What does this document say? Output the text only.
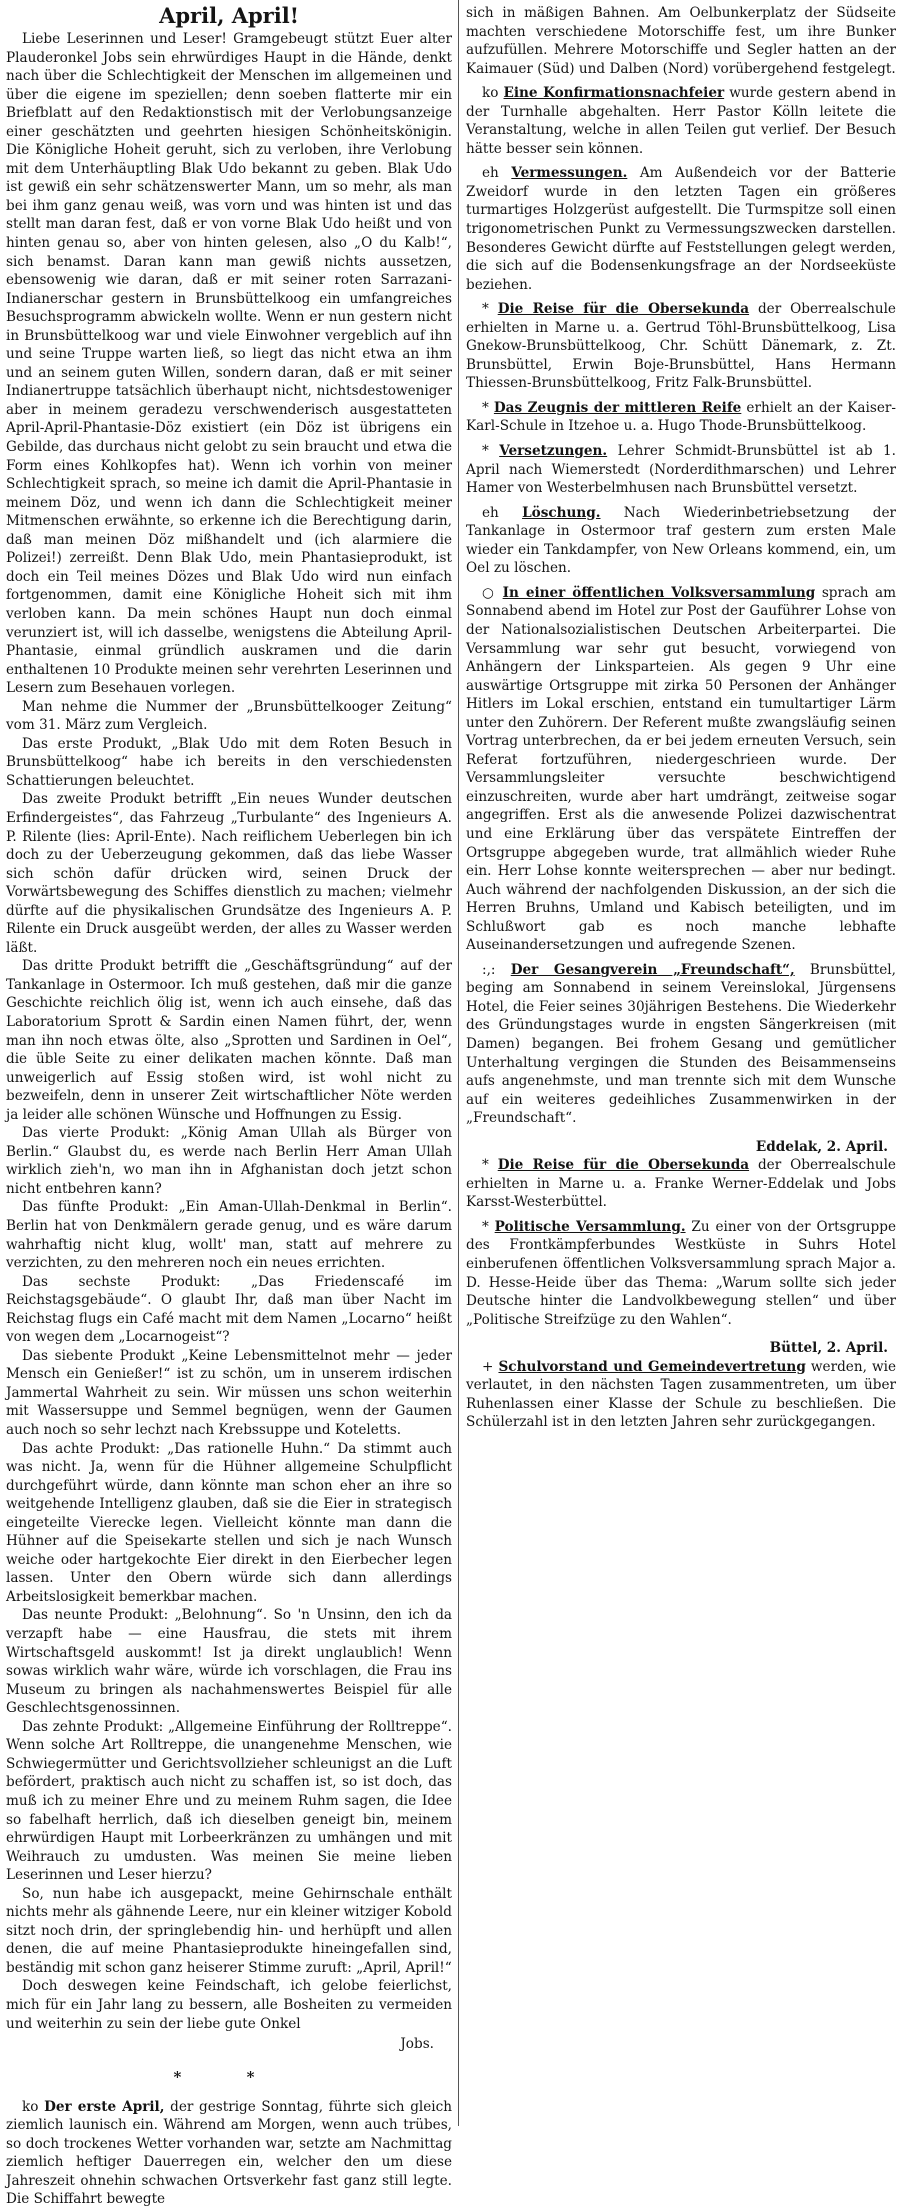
April, April!

Liebe Leserinnen und Leser! Gramgebeugt stützt Euer alter Plauderonkel Jobs sein ehrwürdiges Haupt in die Hände, denkt nach über die Schlechtigkeit der Menschen im allgemeinen und über die eigene im speziellen; denn soeben flatterte mir ein Briefblatt auf den Redaktionstisch mit der Verlobungsanzeige einer geschätzten und geehrten hiesigen Schönheitskönigin. Die Königliche Hoheit geruht, sich zu verloben, ihre Verlobung mit dem Unterhäuptling Blak Udo bekannt zu geben. Blak Udo ist gewiß ein sehr schätzenswerter Mann, um so mehr, als man bei ihm ganz genau weiß, was vorn und was hinten ist und das stellt man daran fest, daß er von vorne Blak Udo heißt und von hinten genau so, aber von hinten gelesen, also „O du Kalb!“, sich benamst. Daran kann man gewiß nichts aussetzen, ebensowenig wie daran, daß er mit seiner roten Sarrazani-Indianerschar gestern in Brunsbüttelkoog ein umfangreiches Besuchsprogramm abwickeln wollte. Wenn er nun gestern nicht in Brunsbüttelkoog war und viele Einwohner vergeblich auf ihn und seine Truppe warten ließ, so liegt das nicht etwa an ihm und an seinem guten Willen, sondern daran, daß er mit seiner Indianertruppe tatsächlich überhaupt nicht, nichtsdestoweniger aber in meinem geradezu verschwenderisch ausgestatteten April-April-Phantasie-Döz existiert (ein Döz ist übrigens ein Gebilde, das durchaus nicht gelobt zu sein braucht und etwa die Form eines Kohlkopfes hat). Wenn ich vorhin von meiner Schlechtigkeit sprach, so meine ich damit die April-Phantasie in meinem Döz, und wenn ich dann die Schlechtigkeit meiner Mitmenschen erwähnte, so erkenne ich die Berechtigung darin, daß man meinen Döz mißhandelt und (ich alarmiere die Polizei!) zerreißt. Denn Blak Udo, mein Phantasieprodukt, ist doch ein Teil meines Dözes und Blak Udo wird nun einfach fortgenommen, damit eine Königliche Hoheit sich mit ihm verloben kann. Da mein schönes Haupt nun doch einmal verunziert ist, will ich dasselbe, wenigstens die Abteilung April-Phantasie, einmal gründlich auskramen und die darin enthaltenen 10 Produkte meinen sehr verehrten Leserinnen und Lesern zum Besehauen vorlegen.

Man nehme die Nummer der „Brunsbüttelkooger Zeitung“ vom 31. März zum Vergleich.

Das erste Produkt, „Blak Udo mit dem Roten Besuch in Brunsbüttelkoog“ habe ich bereits in den verschiedensten Schattierungen beleuchtet.

Das zweite Produkt betrifft „Ein neues Wunder deutschen Erfindergeistes“, das Fahrzeug „Turbulante“ des Ingenieurs A. P. Rilente (lies: April-Ente). Nach reiflichem Ueberlegen bin ich doch zu der Ueberzeugung gekommen, daß das liebe Wasser sich schön dafür drücken wird, seinen Druck der Vorwärtsbewegung des Schiffes dienstlich zu machen; vielmehr dürfte auf die physikalischen Grundsätze des Ingenieurs A. P. Rilente ein Druck ausgeübt werden, der alles zu Wasser werden läßt.

Das dritte Produkt betrifft die „Geschäftsgründung“ auf der Tankanlage in Ostermoor. Ich muß gestehen, daß mir die ganze Geschichte reichlich ölig ist, wenn ich auch einsehe, daß das Laboratorium Sprott & Sardin einen Namen führt, der, wenn man ihn noch etwas ölte, also „Sprotten und Sardinen in Oel“, die üble Seite zu einer delikaten machen könnte. Daß man unweigerlich auf Essig stoßen wird, ist wohl nicht zu bezweifeln, denn in unserer Zeit wirtschaftlicher Nöte werden ja leider alle schönen Wünsche und Hoffnungen zu Essig.

Das vierte Produkt: „König Aman Ullah als Bürger von Berlin.“ Glaubst du, es werde nach Berlin Herr Aman Ullah wirklich zieh'n, wo man ihn in Afghanistan doch jetzt schon nicht entbehren kann?

Das fünfte Produkt: „Ein Aman-Ullah-Denkmal in Berlin“. Berlin hat von Denkmälern gerade genug, und es wäre darum wahrhaftig nicht klug, wollt' man, statt auf mehrere zu verzichten, zu den mehreren noch ein neues errichten.

Das sechste Produkt: „Das Friedenscafé im Reichstagsgebäude“. O glaubt Ihr, daß man über Nacht im Reichstag flugs ein Café macht mit dem Namen „Locarno“ heißt von wegen dem „Locarnogeist“?

Das siebente Produkt „Keine Lebensmittelnot mehr — jeder Mensch ein Genießer!“ ist zu schön, um in unserem irdischen Jammertal Wahrheit zu sein. Wir müssen uns schon weiterhin mit Wassersuppe und Semmel begnügen, wenn der Gaumen auch noch so sehr lechzt nach Krebssuppe und Koteletts.

Das achte Produkt: „Das rationelle Huhn.“ Da stimmt auch was nicht. Ja, wenn für die Hühner allgemeine Schulpflicht durchgeführt würde, dann könnte man schon eher an ihre so weitgehende Intelligenz glauben, daß sie die Eier in strategisch eingeteilte Vierecke legen. Vielleicht könnte man dann die Hühner auf die Speisekarte stellen und sich je nach Wunsch weiche oder hartgekochte Eier direkt in den Eierbecher legen lassen. Unter den Obern würde sich dann allerdings Arbeitslosigkeit bemerkbar machen.

Das neunte Produkt: „Belohnung“. So 'n Unsinn, den ich da verzapft habe — eine Hausfrau, die stets mit ihrem Wirtschaftsgeld auskommt! Ist ja direkt unglaublich! Wenn sowas wirklich wahr wäre, würde ich vorschlagen, die Frau ins Museum zu bringen als nachahmenswertes Beispiel für alle Geschlechtsgenossinnen.

Das zehnte Produkt: „Allgemeine Einführung der Rolltreppe“. Wenn solche Art Rolltreppe, die unangenehme Menschen, wie Schwiegermütter und Gerichtsvollzieher schleunigst an die Luft befördert, praktisch auch nicht zu schaffen ist, so ist doch, das muß ich zu meiner Ehre und zu meinem Ruhm sagen, die Idee so fabelhaft herrlich, daß ich dieselben geneigt bin, meinem ehrwürdigen Haupt mit Lorbeerkränzen zu umhängen und mit Weihrauch zu umdusten. Was meinen Sie meine lieben Leserinnen und Leser hierzu?

So, nun habe ich ausgepackt, meine Gehirnschale enthält nichts mehr als gähnende Leere, nur ein kleiner witziger Kobold sitzt noch drin, der springlebendig hin- und herhüpft und allen denen, die auf meine Phantasieprodukte hineingefallen sind, beständig mit schon ganz heiserer Stimme zuruft: „April, April!“

Doch deswegen keine Feindschaft, ich gelobe feierlichst, mich für ein Jahr lang zu bessern, alle Bosheiten zu vermeiden und weiterhin zu sein der liebe gute Onkel

Jobs.
* *

ko Der erste April, der gestrige Sonntag, führte sich gleich ziemlich launisch ein. Während am Morgen, wenn auch trübes, so doch trockenes Wetter vorhanden war, setzte am Nachmittag ziemlich heftiger Dauerregen ein, welcher den um diese Jahreszeit ohnehin schwachen Ortsverkehr fast ganz still legte. Die Schiffahrt bewegte

sich in mäßigen Bahnen. Am Oelbunkerplatz der Südseite machten verschiedene Motorschiffe fest, um ihre Bunker aufzufüllen. Mehrere Motorschiffe und Segler hatten an der Kaimauer (Süd) und Dalben (Nord) vorübergehend festgelegt.

ko Eine Konfirmationsnachfeier wurde gestern abend in der Turnhalle abgehalten. Herr Pastor Kölln leitete die Veranstaltung, welche in allen Teilen gut verlief. Der Besuch hätte besser sein können.

eh Vermessungen. Am Außendeich vor der Batterie Zweidorf wurde in den letzten Tagen ein größeres turmartiges Holzgerüst aufgestellt. Die Turmspitze soll einen trigonometrischen Punkt zu Vermessungszwecken darstellen. Besonderes Gewicht dürfte auf Feststellungen gelegt werden, die sich auf die Bodensenkungsfrage an der Nordseeküste beziehen.

* Die Reise für die Obersekunda der Oberrealschule erhielten in Marne u. a. Gertrud Töhl-Brunsbüttelkoog, Lisa Gnekow-Brunsbüttelkoog, Chr. Schütt Dänemark, z. Zt. Brunsbüttel, Erwin Boje-Brunsbüttel, Hans Hermann Thiessen-Brunsbüttelkoog, Fritz Falk-Brunsbüttel.

* Das Zeugnis der mittleren Reife erhielt an der Kaiser-Karl-Schule in Itzehoe u. a. Hugo Thode-Brunsbüttelkoog.

* Versetzungen. Lehrer Schmidt-Brunsbüttel ist ab 1. April nach Wiemerstedt (Norderdithmarschen) und Lehrer Hamer von Westerbelmhusen nach Brunsbüttel versetzt.

eh Löschung. Nach Wiederinbetriebsetzung der Tankanlage in Ostermoor traf gestern zum ersten Male wieder ein Tankdampfer, von New Orleans kommend, ein, um Oel zu löschen.

○ In einer öffentlichen Volksversammlung sprach am Sonnabend abend im Hotel zur Post der Gauführer Lohse von der Nationalsozialistischen Deutschen Arbeiterpartei. Die Versammlung war sehr gut besucht, vorwiegend von Anhängern der Linksparteien. Als gegen 9 Uhr eine auswärtige Ortsgruppe mit zirka 50 Personen der Anhänger Hitlers im Lokal erschien, entstand ein tumultartiger Lärm unter den Zuhörern. Der Referent mußte zwangsläufig seinen Vortrag unterbrechen, da er bei jedem erneuten Versuch, sein Referat fortzuführen, niedergeschrieen wurde. Der Versammlungsleiter versuchte beschwichtigend einzuschreiten, wurde aber hart umdrängt, zeitweise sogar angegriffen. Erst als die anwesende Polizei dazwischentrat und eine Erklärung über das verspätete Eintreffen der Ortsgruppe abgegeben wurde, trat allmählich wieder Ruhe ein. Herr Lohse konnte weitersprechen — aber nur bedingt. Auch während der nachfolgenden Diskussion, an der sich die Herren Bruhns, Umland und Kabisch beteiligten, und im Schlußwort gab es noch manche lebhafte Auseinandersetzungen und aufregende Szenen.

:,: Der Gesangverein „Freundschaft“, Brunsbüttel, beging am Sonnabend in seinem Vereinslokal, Jürgensens Hotel, die Feier seines 30jährigen Bestehens. Die Wiederkehr des Gründungstages wurde in engsten Sängerkreisen (mit Damen) begangen. Bei frohem Gesang und gemütlicher Unterhaltung vergingen die Stunden des Beisammenseins aufs angenehmste, und man trennte sich mit dem Wunsche auf ein weiteres gedeihliches Zusammenwirken in der „Freundschaft“.

Eddelak, 2. April.

* Die Reise für die Obersekunda der Oberrealschule erhielten in Marne u. a. Franke Werner-Eddelak und Jobs Karsst-Westerbüttel.

* Politische Versammlung. Zu einer von der Ortsgruppe des Frontkämpferbundes Westküste in Suhrs Hotel einberufenen öffentlichen Volksversammlung sprach Major a. D. Hesse-Heide über das Thema: „Warum sollte sich jeder Deutsche hinter die Landvolkbewegung stellen“ und über „Politische Streifzüge zu den Wahlen“.

Büttel, 2. April.

+ Schulvorstand und Gemeindevertretung werden, wie verlautet, in den nächsten Tagen zusammentreten, um über Ruhenlassen einer Klasse der Schule zu beschließen. Die Schülerzahl ist in den letzten Jahren sehr zurückgegangen.
